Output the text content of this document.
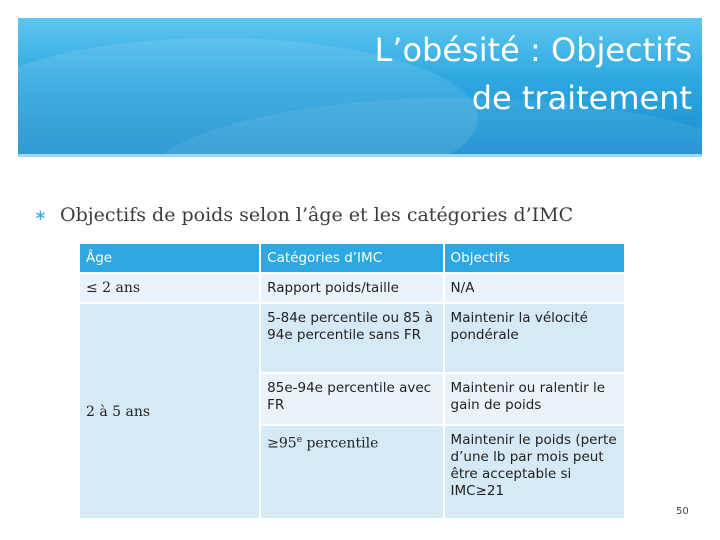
L’obésité : Objectifs
de traitement
∗ Objectifs de poids selon l’âge et les catégories d’IMC
Âge	Catégories d’IMC	Objectifs
≤ 2 ans	Rapport poids/taille	N/A
2 à 5 ans	5-84e percentile ou 85 à 94e percentile sans FR	Maintenir la vélocité pondérale
	85e-94e percentile avec FR	Maintenir ou ralentir le gain de poids
	$\ge 95^e$ percentile	Maintenir le poids (perte d’une lb par mois peut être acceptable si IMC≥21
50
